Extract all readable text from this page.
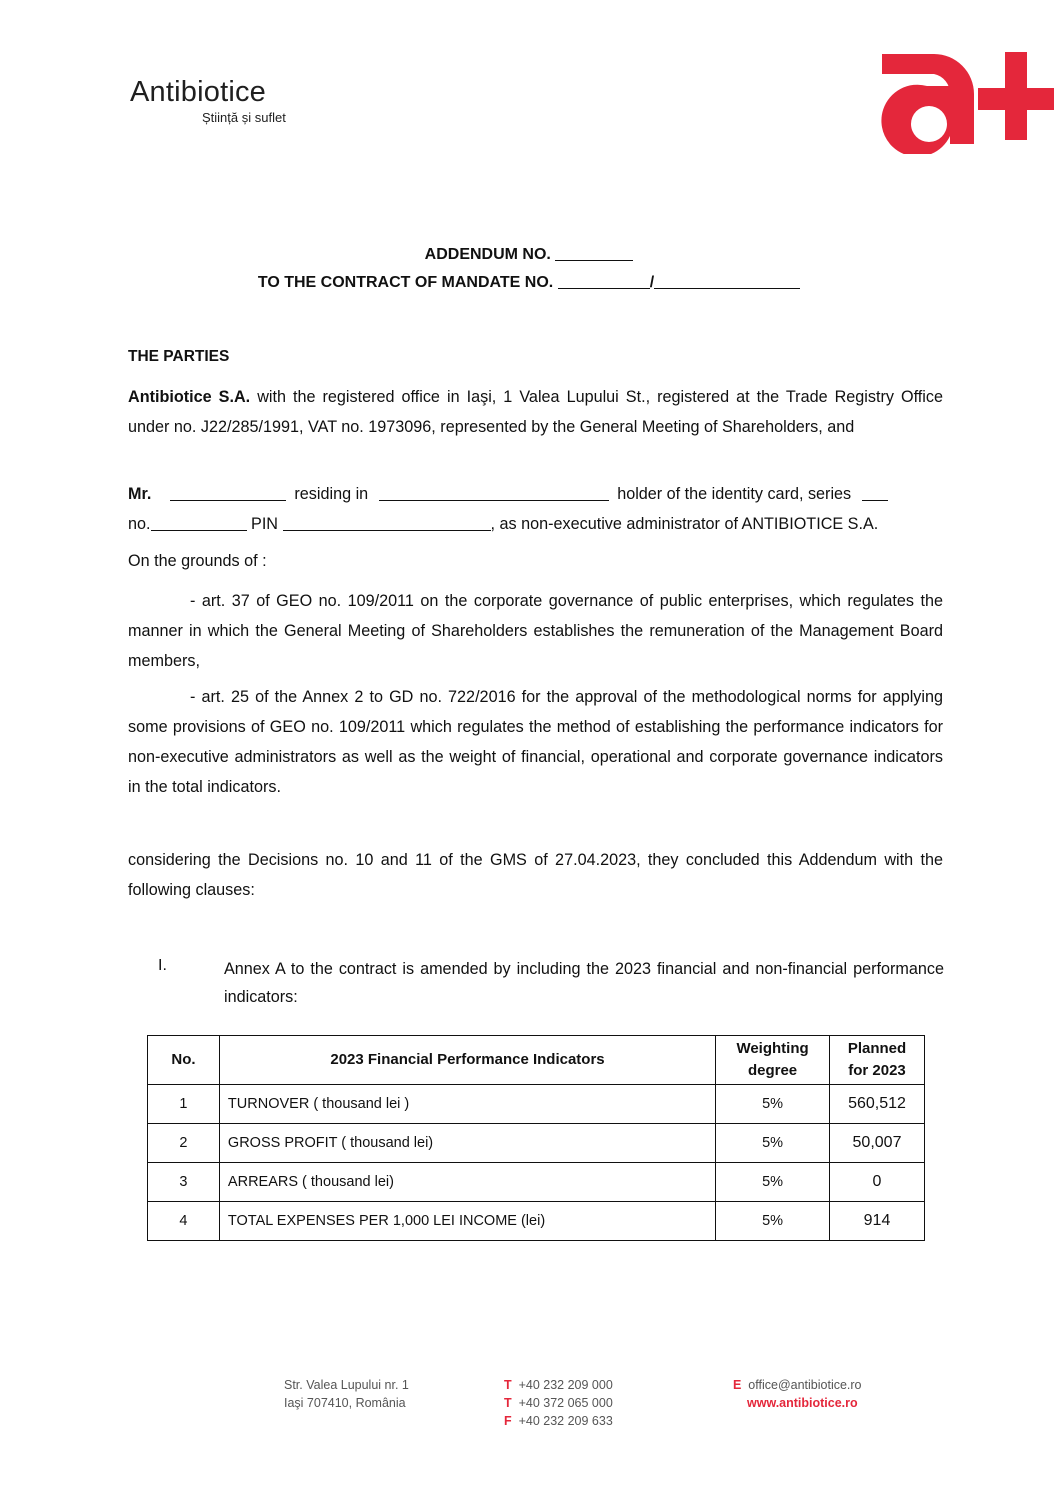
Antibiotice
Știință și suflet
ADDENDUM NO.
TO THE CONTRACT OF MANDATE NO.	/
THE PARTIES
Antibiotice S.A. with the registered office in Iaşi, 1 Valea Lupului St., registered at the Trade Registry Office under no. J22/285/1991, VAT no. 1973096, represented by the General Meeting of Shareholders, and
Mr.	residing in	holder of the identity card, series
no.	PIN	, as non-executive administrator of ANTIBIOTICE S.A.
On the grounds of :
- art. 37 of GEO no. 109/2011 on the corporate governance of public enterprises, which regulates the manner in which the General Meeting of Shareholders establishes the remuneration of the Management Board members,
- art. 25 of the Annex 2 to GD no. 722/2016 for the approval of the methodological norms for applying some provisions of GEO no. 109/2011 which regulates the method of establishing the performance indicators for non-executive administrators as well as the weight of financial, operational and corporate governance indicators in the total indicators.
considering the Decisions no. 10 and 11 of the GMS of 27.04.2023, they concluded this Addendum with the following clauses:
I.	Annex A to the contract is amended by including the 2023 financial and non-financial performance indicators:
No.	2023 Financial Performance Indicators	Weighting degree	Planned for 2023
1	TURNOVER ( thousand lei )	5%	560,512
2	GROSS PROFIT ( thousand lei)	5%	50,007
3	ARREARS ( thousand lei)	5%	0
4	TOTAL EXPENSES PER 1,000 LEI INCOME (lei)	5%	914
Str. Valea Lupului nr. 1
Iaşi 707410, România
T +40 232 209 000
T +40 372 065 000
F +40 232 209 633
E office@antibiotice.ro
www.antibiotice.ro
